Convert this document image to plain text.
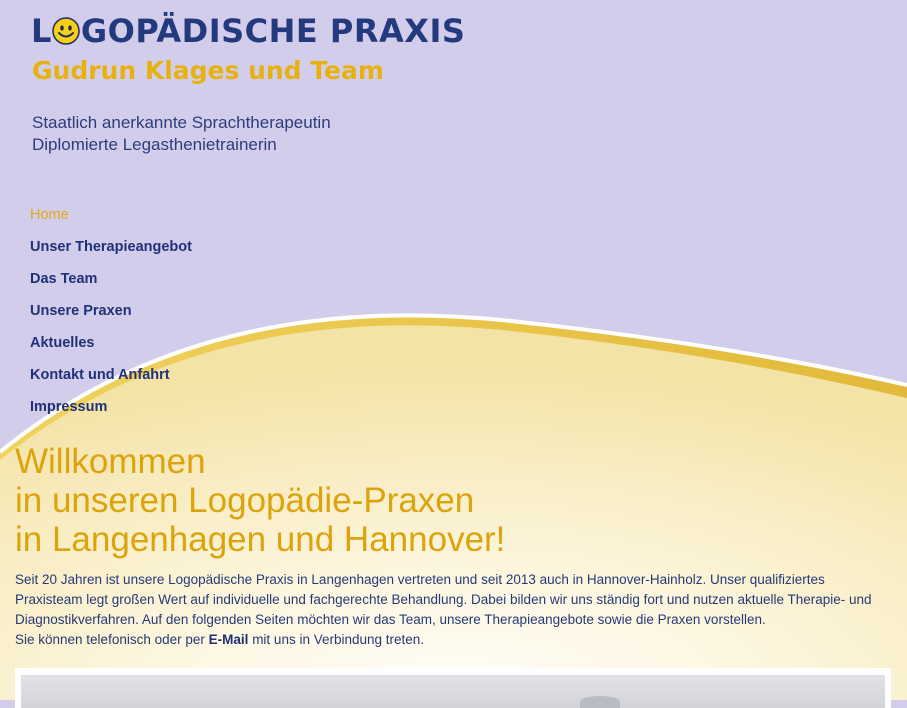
L GOPÄDISCHE PRAXIS
Gudrun Klages und Team
Staatlich anerkannte Sprachtherapeutin
Diplomierte Legasthenietrainerin
Home
Unser Therapieangebot
Das Team
Unsere Praxen
Aktuelles
Kontakt und Anfahrt
Impressum
Willkommen
in unseren Logopädie-Praxen
in Langenhagen und Hannover!
Seit 20 Jahren ist unsere Logopädische Praxis in Langenhagen vertreten und seit 2013 auch in Hannover-Hainholz. Unser qualifiziertes Praxisteam legt großen Wert auf individuelle und fachgerechte Behandlung. Dabei bilden wir uns ständig fort und nutzen aktuelle Therapie- und Diagnostikverfahren. Auf den folgenden Seiten möchten wir das Team, unsere Therapieangebote sowie die Praxen vorstellen.
Sie können telefonisch oder per E-Mail mit uns in Verbindung treten.
